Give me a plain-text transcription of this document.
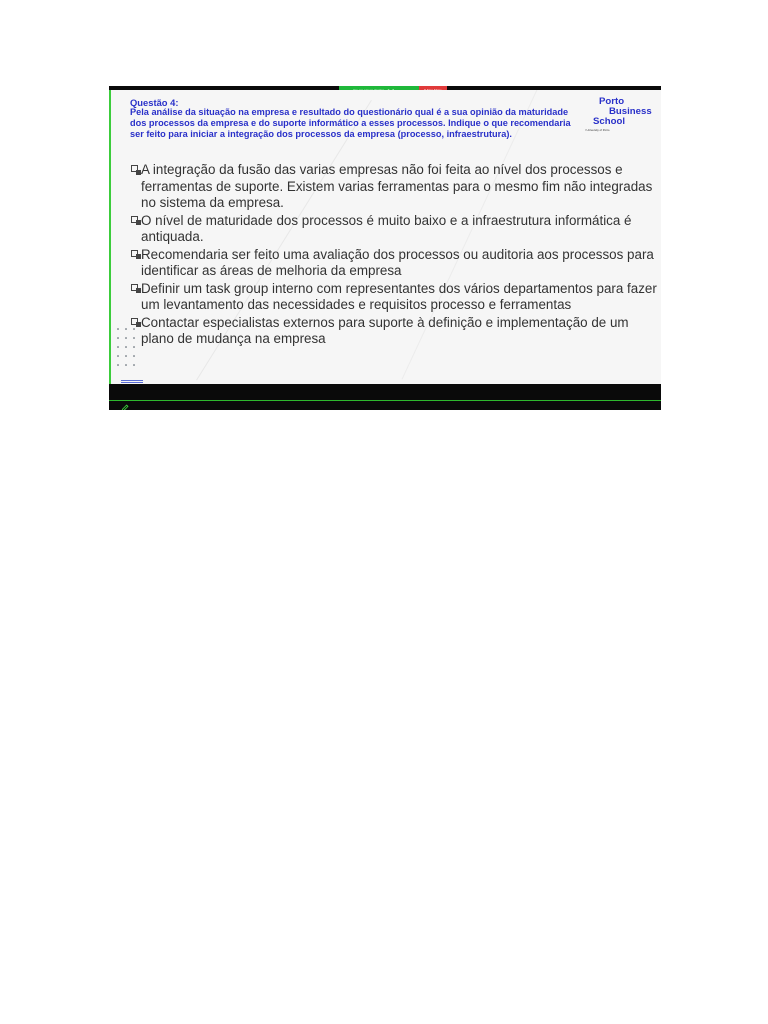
Questão 4:
Pela análise da situação na empresa e resultado do questionário qual é a sua opinião da maturidade dos processos da empresa e do suporte informático a esses processos. Indique o que recomendaria ser feito para iniciar a integração dos processos da empresa (processo, infraestrutura).
Porto
Business
School
/ University of Porto
A integração da fusão das varias empresas não foi feita ao nível dos processos e ferramentas de suporte. Existem varias ferramentas para o mesmo fim não integradas no sistema da empresa.
O nível de maturidade dos processos é muito baixo e a infraestrutura informática é antiquada.
Recomendaria ser feito uma avaliação dos processos ou auditoria aos processos para identificar as áreas de melhoria da empresa
Definir um task group interno com representantes dos vários departamentos para fazer um levantamento das necessidades e requisitos processo e ferramentas
Contactar especialistas externos para suporte à definição e implementação de um plano de mudança na empresa
